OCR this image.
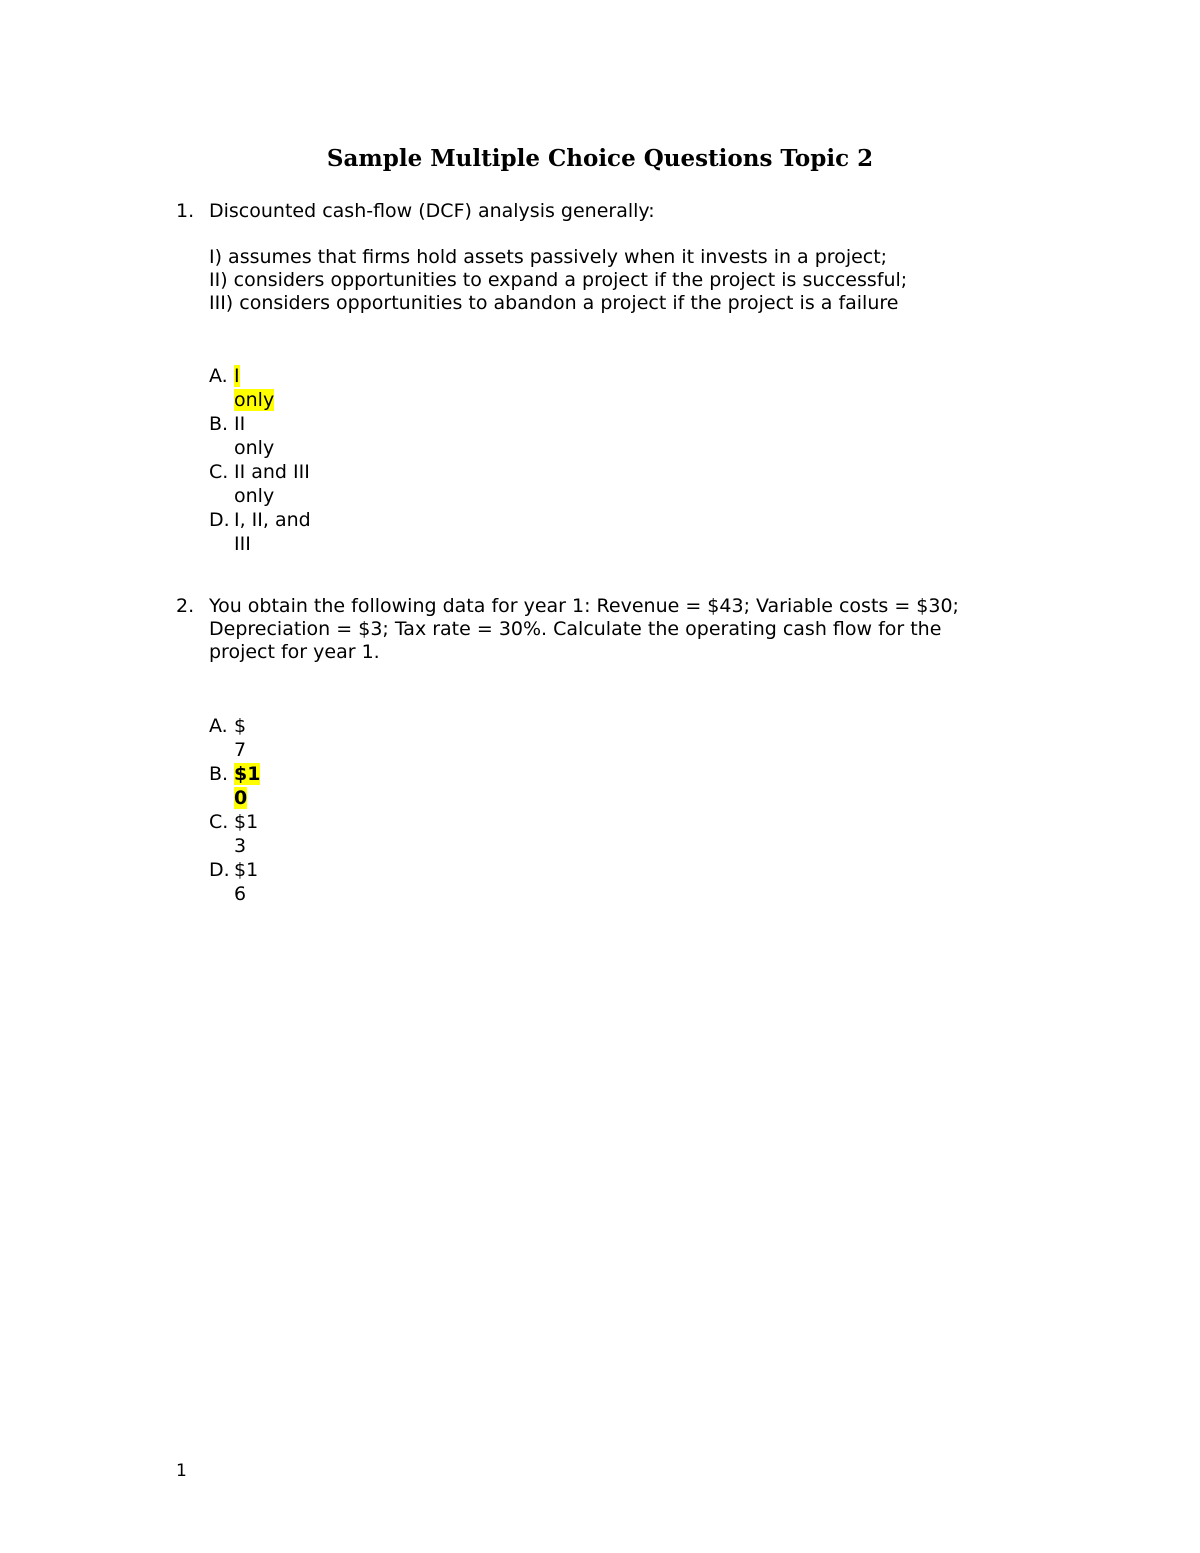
Sample Multiple Choice Questions Topic 2
1. Discounted cash-flow (DCF) analysis generally:
I) assumes that firms hold assets passively when it invests in a project;
II) considers opportunities to expand a project if the project is successful;
III) considers opportunities to abandon a project if the project is a failure
A. I
only
B. II
only
C. II and III
only
D. I, II, and
III
2. You obtain the following data for year 1: Revenue = $43; Variable costs = $30;
Depreciation = $3; Tax rate = 30%. Calculate the operating cash flow for the
project for year 1.
A. $
7
B. $1
0
C. $1
3
D. $1
6
1
